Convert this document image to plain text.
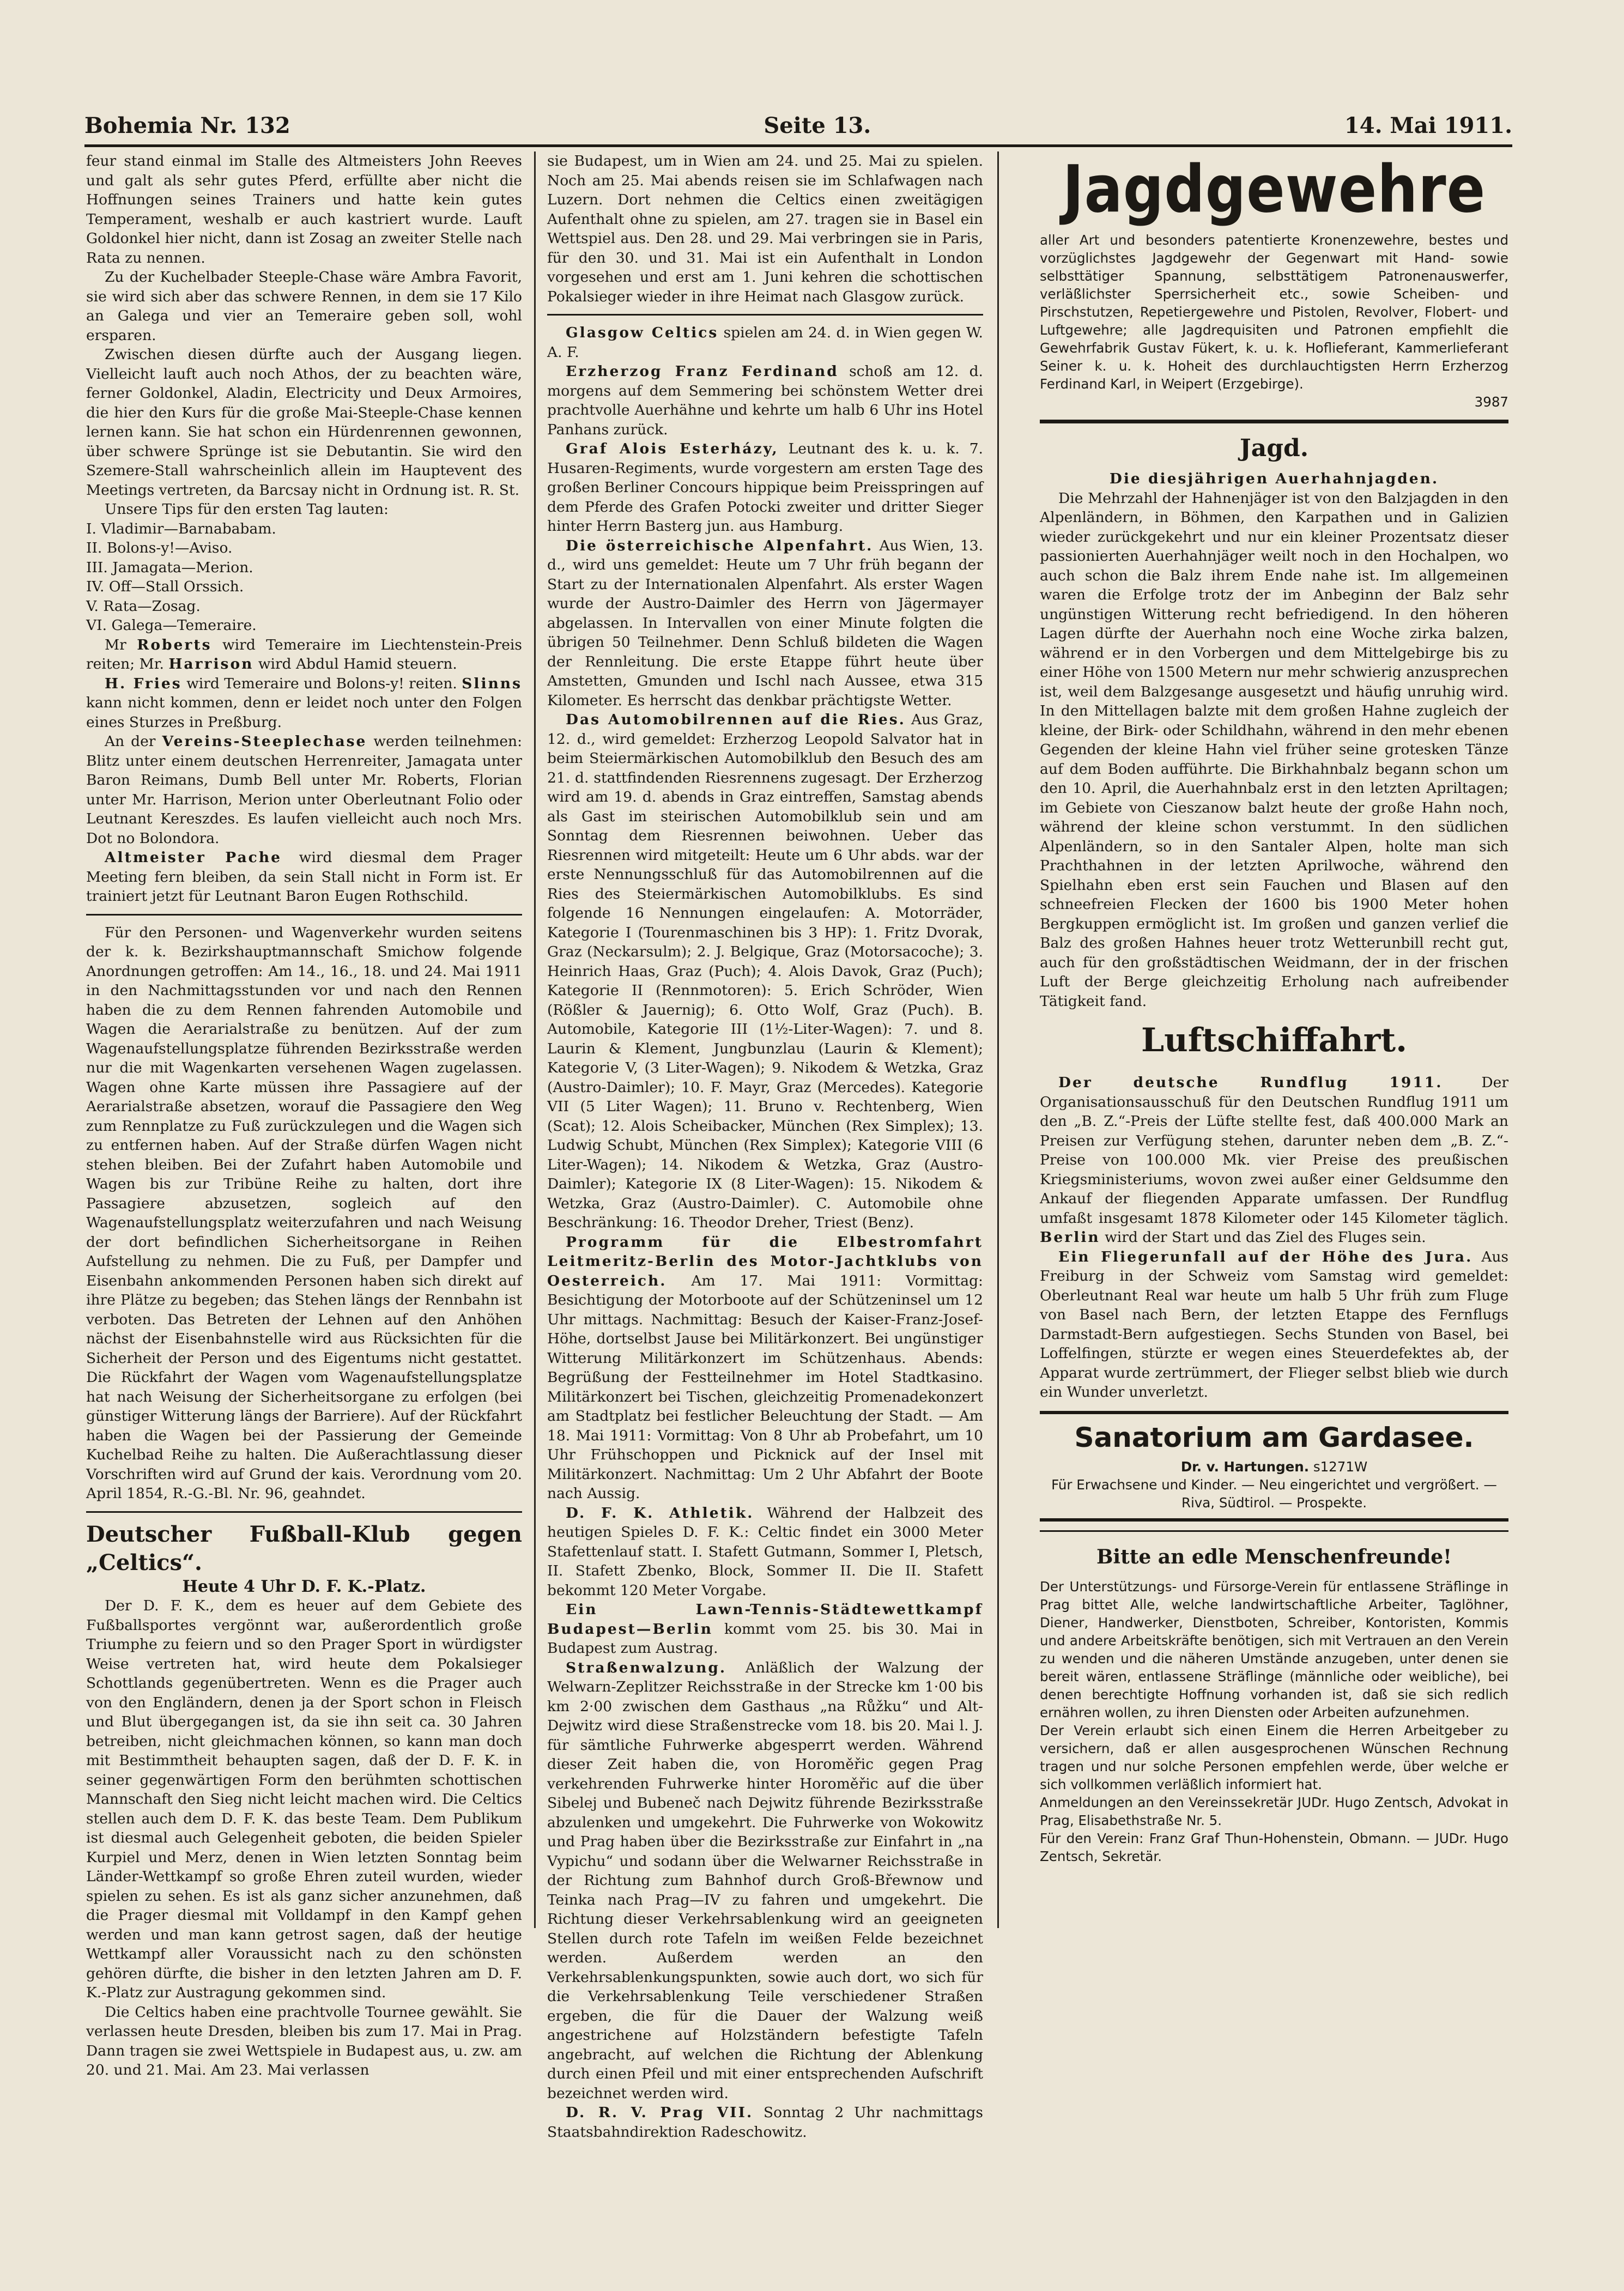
Bohemia Nr. 132	Seite 13.	14. Mai 1911.

feur stand einmal im Stalle des Altmeisters John Reeves und galt als sehr gutes Pferd, erfüllte aber nicht die Hoffnungen seines Trainers und hatte kein gutes Temperament, weshalb er auch kastriert wurde. Lauft Goldonkel hier nicht, dann ist Zosag an zweiter Stelle nach Rata zu nennen.

Zu der Kuchelbader Steeple-Chase wäre Ambra Favorit, sie wird sich aber das schwere Rennen, in dem sie 17 Kilo an Galega und vier an Temeraire geben soll, wohl ersparen.

Zwischen diesen dürfte auch der Ausgang liegen. Vielleicht lauft auch noch Athos, der zu beachten wäre, ferner Goldonkel, Aladin, Electricity und Deux Armoires, die hier den Kurs für die große Mai-Steeple-Chase kennen lernen kann. Sie hat schon ein Hürdenrennen gewonnen, über schwere Sprünge ist sie Debutantin. Sie wird den Szemere-Stall wahrscheinlich allein im Hauptevent des Meetings vertreten, da Barcsay nicht in Ordnung ist. R. St.

Unsere Tips für den ersten Tag lauten:

I. Vladimir—Barnababam.

II. Bolons-y!—Aviso.

III. Jamagata—Merion.

IV. Off—Stall Orssich.

V. Rata—Zosag.

VI. Galega—Temeraire.

Mr Roberts wird Temeraire im Liechtenstein-Preis reiten; Mr. Harrison wird Abdul Hamid steuern.

H. Fries wird Temeraire und Bolons-y! reiten. Slinns kann nicht kommen, denn er leidet noch unter den Folgen eines Sturzes in Preßburg.

An der Vereins-Steeplechase werden teilnehmen: Blitz unter einem deutschen Herrenreiter, Jamagata unter Baron Reimans, Dumb Bell unter Mr. Roberts, Florian unter Mr. Harrison, Merion unter Oberleutnant Folio oder Leutnant Kereszdes. Es laufen vielleicht auch noch Mrs. Dot no Bolondora.

Altmeister Pache wird diesmal dem Prager Meeting fern bleiben, da sein Stall nicht in Form ist. Er trainiert jetzt für Leutnant Baron Eugen Rothschild.

Für den Personen- und Wagenverkehr wurden seitens der k. k. Bezirkshauptmannschaft Smichow folgende Anordnungen getroffen: Am 14., 16., 18. und 24. Mai 1911 in den Nachmittagsstunden vor und nach den Rennen haben die zu dem Rennen fahrenden Automobile und Wagen die Aerarialstraße zu benützen. Auf der zum Wagenaufstellungsplatze führenden Bezirksstraße werden nur die mit Wagenkarten versehenen Wagen zugelassen. Wagen ohne Karte müssen ihre Passagiere auf der Aerarialstraße absetzen, worauf die Passagiere den Weg zum Rennplatze zu Fuß zurückzulegen und die Wagen sich zu entfernen haben. Auf der Straße dürfen Wagen nicht stehen bleiben. Bei der Zufahrt haben Automobile und Wagen bis zur Tribüne Reihe zu halten, dort ihre Passagiere abzusetzen, sogleich auf den Wagenaufstellungsplatz weiterzufahren und nach Weisung der dort befindlichen Sicherheitsorgane in Reihen Aufstellung zu nehmen. Die zu Fuß, per Dampfer und Eisenbahn ankommenden Personen haben sich direkt auf ihre Plätze zu begeben; das Stehen längs der Rennbahn ist verboten. Das Betreten der Lehnen auf den Anhöhen nächst der Eisenbahnstelle wird aus Rücksichten für die Sicherheit der Person und des Eigentums nicht gestattet. Die Rückfahrt der Wagen vom Wagenaufstellungsplatze hat nach Weisung der Sicherheitsorgane zu erfolgen (bei günstiger Witterung längs der Barriere). Auf der Rückfahrt haben die Wagen bei der Passierung der Gemeinde Kuchelbad Reihe zu halten. Die Außerachtlassung dieser Vorschriften wird auf Grund der kais. Verordnung vom 20. April 1854, R.-G.-Bl. Nr. 96, geahndet.

Deutscher Fußball-Klub gegen „Celtics“.

Heute 4 Uhr D. F. K.-Platz.

Der D. F. K., dem es heuer auf dem Gebiete des Fußballsportes vergönnt war, außerordentlich große Triumphe zu feiern und so den Prager Sport in würdigster Weise vertreten hat, wird heute dem Pokalsieger Schottlands gegenübertreten. Wenn es die Prager auch von den Engländern, denen ja der Sport schon in Fleisch und Blut übergegangen ist, da sie ihn seit ca. 30 Jahren betreiben, nicht gleichmachen können, so kann man doch mit Bestimmtheit behaupten sagen, daß der D. F. K. in seiner gegenwärtigen Form den berühmten schottischen Mannschaft den Sieg nicht leicht machen wird. Die Celtics stellen auch dem D. F. K. das beste Team. Dem Publikum ist diesmal auch Gelegenheit geboten, die beiden Spieler Kurpiel und Merz, denen in Wien letzten Sonntag beim Länder-Wettkampf so große Ehren zuteil wurden, wieder spielen zu sehen. Es ist als ganz sicher anzunehmen, daß die Prager diesmal mit Volldampf in den Kampf gehen werden und man kann getrost sagen, daß der heutige Wettkampf aller Voraussicht nach zu den schönsten gehören dürfte, die bisher in den letzten Jahren am D. F. K.-Platz zur Austragung gekommen sind.

Die Celtics haben eine prachtvolle Tournee gewählt. Sie verlassen heute Dresden, bleiben bis zum 17. Mai in Prag. Dann tragen sie zwei Wettspiele in Budapest aus, u. zw. am 20. und 21. Mai. Am 23. Mai verlassen

sie Budapest, um in Wien am 24. und 25. Mai zu spielen. Noch am 25. Mai abends reisen sie im Schlafwagen nach Luzern. Dort nehmen die Celtics einen zweitägigen Aufenthalt ohne zu spielen, am 27. tragen sie in Basel ein Wettspiel aus. Den 28. und 29. Mai verbringen sie in Paris, für den 30. und 31. Mai ist ein Aufenthalt in London vorgesehen und erst am 1. Juni kehren die schottischen Pokalsieger wieder in ihre Heimat nach Glasgow zurück.

Glasgow Celtics spielen am 24. d. in Wien gegen W. A. F.

Erzherzog Franz Ferdinand schoß am 12. d. morgens auf dem Semmering bei schönstem Wetter drei prachtvolle Auerhähne und kehrte um halb 6 Uhr ins Hotel Panhans zurück.

Graf Alois Esterházy, Leutnant des k. u. k. 7. Husaren-Regiments, wurde vorgestern am ersten Tage des großen Berliner Concours hippique beim Preisspringen auf dem Pferde des Grafen Potocki zweiter und dritter Sieger hinter Herrn Basterg jun. aus Hamburg.

Die österreichische Alpenfahrt. Aus Wien, 13. d., wird uns gemeldet: Heute um 7 Uhr früh begann der Start zu der Internationalen Alpenfahrt. Als erster Wagen wurde der Austro-Daimler des Herrn von Jägermayer abgelassen. In Intervallen von einer Minute folgten die übrigen 50 Teilnehmer. Denn Schluß bildeten die Wagen der Rennleitung. Die erste Etappe führt heute über Amstetten, Gmunden und Ischl nach Aussee, etwa 315 Kilometer. Es herrscht das denkbar prächtigste Wetter.

Das Automobilrennen auf die Ries. Aus Graz, 12. d., wird gemeldet: Erzherzog Leopold Salvator hat in beim Steiermärkischen Automobilklub den Besuch des am 21. d. stattfindenden Riesrennens zugesagt. Der Erzherzog wird am 19. d. abends in Graz eintreffen, Samstag abends als Gast im steirischen Automobilklub sein und am Sonntag dem Riesrennen beiwohnen. Ueber das Riesrennen wird mitgeteilt: Heute um 6 Uhr abds. war der erste Nennungsschluß für das Automobilrennen auf die Ries des Steiermärkischen Automobilklubs. Es sind folgende 16 Nennungen eingelaufen: A. Motorräder, Kategorie I (Tourenmaschinen bis 3 HP): 1. Fritz Dvorak, Graz (Neckarsulm); 2. J. Belgique, Graz (Motorsacoche); 3. Heinrich Haas, Graz (Puch); 4. Alois Davok, Graz (Puch); Kategorie II (Rennmotoren): 5. Erich Schröder, Wien (Rößler & Jauernig); 6. Otto Wolf, Graz (Puch). B. Automobile, Kategorie III (1½-Liter-Wagen): 7. und 8. Laurin & Klement, Jungbunzlau (Laurin & Klement); Kategorie V, (3 Liter-Wagen); 9. Nikodem & Wetzka, Graz (Austro-Daimler); 10. F. Mayr, Graz (Mercedes). Kategorie VII (5 Liter Wagen); 11. Bruno v. Rechtenberg, Wien (Scat); 12. Alois Scheibacker, München (Rex Simplex); 13. Ludwig Schubt, München (Rex Simplex); Kategorie VIII (6 Liter-Wagen); 14. Nikodem & Wetzka, Graz (Austro-Daimler); Kategorie IX (8 Liter-Wagen): 15. Nikodem & Wetzka, Graz (Austro-Daimler). C. Automobile ohne Beschränkung: 16. Theodor Dreher, Triest (Benz).

Programm für die Elbestromfahrt Leitmeritz-Berlin des Motor-Jachtklubs von Oesterreich. Am 17. Mai 1911: Vormittag: Besichtigung der Motorboote auf der Schützeninsel um 12 Uhr mittags. Nachmittag: Besuch der Kaiser-Franz-Josef-Höhe, dortselbst Jause bei Militärkonzert. Bei ungünstiger Witterung Militärkonzert im Schützenhaus. Abends: Begrüßung der Festteilnehmer im Hotel Stadtkasino. Militärkonzert bei Tischen, gleichzeitig Promenadekonzert am Stadtplatz bei festlicher Beleuchtung der Stadt. — Am 18. Mai 1911: Vormittag: Von 8 Uhr ab Probefahrt, um 10 Uhr Frühschoppen und Picknick auf der Insel mit Militärkonzert. Nachmittag: Um 2 Uhr Abfahrt der Boote nach Aussig.

D. F. K. Athletik. Während der Halbzeit des heutigen Spieles D. F. K.: Celtic findet ein 3000 Meter Stafettenlauf statt. I. Stafett Gutmann, Sommer I, Pletsch, II. Stafett Zbenko, Block, Sommer II. Die II. Stafett bekommt 120 Meter Vorgabe.

Ein Lawn-Tennis-Städtewettkampf Budapest—Berlin kommt vom 25. bis 30. Mai in Budapest zum Austrag.

Straßenwalzung. Anläßlich der Walzung der Welwarn-Zeplitzer Reichsstraße in der Strecke km 1·00 bis km 2·00 zwischen dem Gasthaus „na Růžku“ und Alt-Dejwitz wird diese Straßenstrecke vom 18. bis 20. Mai l. J. für sämtliche Fuhrwerke abgesperrt werden. Während dieser Zeit haben die, von Horoměřic gegen Prag verkehrenden Fuhrwerke hinter Horoměřic auf die über Sibelej und Bubeneč nach Dejwitz führende Bezirksstraße abzulenken und umgekehrt. Die Fuhrwerke von Wokowitz und Prag haben über die Bezirksstraße zur Einfahrt in „na Vypichu“ und sodann über die Welwarner Reichsstraße in der Richtung zum Bahnhof durch Groß-Břewnow und Teinka nach Prag—IV zu fahren und umgekehrt. Die Richtung dieser Verkehrsablenkung wird an geeigneten Stellen durch rote Tafeln im weißen Felde bezeichnet werden. Außerdem werden an den Verkehrsablenkungspunkten, sowie auch dort, wo sich für die Verkehrsablenkung Teile verschiedener Straßen ergeben, die für die Dauer der Walzung weiß angestrichene auf Holzständern befestigte Tafeln angebracht, auf welchen die Richtung der Ablenkung durch einen Pfeil und mit einer entsprechenden Aufschrift bezeichnet werden wird.

D. R. V. Prag VII. Sonntag 2 Uhr nachmittags Staatsbahndirektion Radeschowitz.

Jagdgewehre
aller Art und besonders patentierte Kronenzewehre, bestes und vorzüglichstes Jagdgewehr der Gegenwart mit Hand- sowie selbsttätiger Spannung, selbsttätigem Patronenauswerfer, verläßlichster Sperrsicherheit etc., sowie Scheiben- und Pirschstutzen, Repetiergewehre und Pistolen, Revolver, Flobert- und Luftgewehre; alle Jagdrequisiten und Patronen empfiehlt die Gewehrfabrik Gustav Fükert, k. u. k. Hoflieferant, Kammerlieferant Seiner k. u. k. Hoheit des durchlauchtigsten Herrn Erzherzog Ferdinand Karl, in Weipert (Erzgebirge).
3987
Jagd.

Die diesjährigen Auerhahnjagden.

Die Mehrzahl der Hahnenjäger ist von den Balzjagden in den Alpenländern, in Böhmen, den Karpathen und in Galizien wieder zurückgekehrt und nur ein kleiner Prozentsatz dieser passionierten Auerhahnjäger weilt noch in den Hochalpen, wo auch schon die Balz ihrem Ende nahe ist. Im allgemeinen waren die Erfolge trotz der im Anbeginn der Balz sehr ungünstigen Witterung recht befriedigend. In den höheren Lagen dürfte der Auerhahn noch eine Woche zirka balzen, während er in den Vorbergen und dem Mittelgebirge bis zu einer Höhe von 1500 Metern nur mehr schwierig anzusprechen ist, weil dem Balzgesange ausgesetzt und häufig unruhig wird. In den Mittellagen balzte mit dem großen Hahne zugleich der kleine, der Birk- oder Schildhahn, während in den mehr ebenen Gegenden der kleine Hahn viel früher seine grotesken Tänze auf dem Boden aufführte. Die Birkhahnbalz begann schon um den 10. April, die Auerhahnbalz erst in den letzten Apriltagen; im Gebiete von Cieszanow balzt heute der große Hahn noch, während der kleine schon verstummt. In den südlichen Alpenländern, so in den Santaler Alpen, holte man sich Prachthahnen in der letzten Aprilwoche, während den Spielhahn eben erst sein Fauchen und Blasen auf den schneefreien Flecken der 1600 bis 1900 Meter hohen Bergkuppen ermöglicht ist. Im großen und ganzen verlief die Balz des großen Hahnes heuer trotz Wetterunbill recht gut, auch für den großstädtischen Weidmann, der in der frischen Luft der Berge gleichzeitig Erholung nach aufreibender Tätigkeit fand.

Luftschiffahrt.

Der deutsche Rundflug 1911.	Der Organisationsausschuß für den Deutschen Rundflug 1911 um den „B. Z.“-Preis der Lüfte stellte fest, daß 400.000 Mark an Preisen zur Verfügung stehen, darunter neben dem „B. Z.“-Preise von 100.000 Mk. vier Preise des preußischen Kriegsministeriums, wovon zwei außer einer Geldsumme den Ankauf der fliegenden Apparate umfassen. Der Rundflug umfaßt insgesamt 1878 Kilometer oder 145 Kilometer täglich. Berlin wird der Start und das Ziel des Fluges sein.

Ein Fliegerunfall auf der Höhe des Jura. Aus Freiburg in der Schweiz vom Samstag wird gemeldet: Oberleutnant Real war heute um halb 5 Uhr früh zum Fluge von Basel nach Bern, der letzten Etappe des Fernflugs Darmstadt-Bern aufgestiegen. Sechs Stunden von Basel, bei Loffelfingen, stürzte er wegen eines Steuerdefektes ab, der Apparat wurde zertrümmert, der Flieger selbst blieb wie durch ein Wunder unverletzt.

Sanatorium am Gardasee.
Dr. v. Hartungen. s1271W
Für Erwachsene und Kinder. — Neu eingerichtet und vergrößert. — Riva, Südtirol. — Prospekte.
Bitte an edle Menschenfreunde!
Der Unterstützungs- und Fürsorge-Verein für entlassene Sträflinge in Prag bittet Alle, welche landwirtschaftliche Arbeiter, Taglöhner, Diener, Handwerker, Dienstboten, Schreiber, Kontoristen, Kommis und andere Arbeitskräfte benötigen, sich mit Vertrauen an den Verein zu wenden und die näheren Umstände anzugeben, unter denen sie bereit wären, entlassene Sträflinge (männliche oder weibliche), bei denen berechtigte Hoffnung vorhanden ist, daß sie sich redlich ernähren wollen, zu ihren Diensten oder Arbeiten aufzunehmen.
Der Verein erlaubt sich einen Einem die Herren Arbeitgeber zu versichern, daß er allen ausgesprochenen Wünschen Rechnung tragen und nur solche Personen empfehlen werde, über welche er sich vollkommen verläßlich informiert hat.
Anmeldungen an den Vereinssekretär JUDr. Hugo Zentsch, Advokat in Prag, Elisabethstraße Nr. 5.
Für den Verein: Franz Graf Thun-Hohenstein, Obmann. — JUDr. Hugo Zentsch, Sekretär.
